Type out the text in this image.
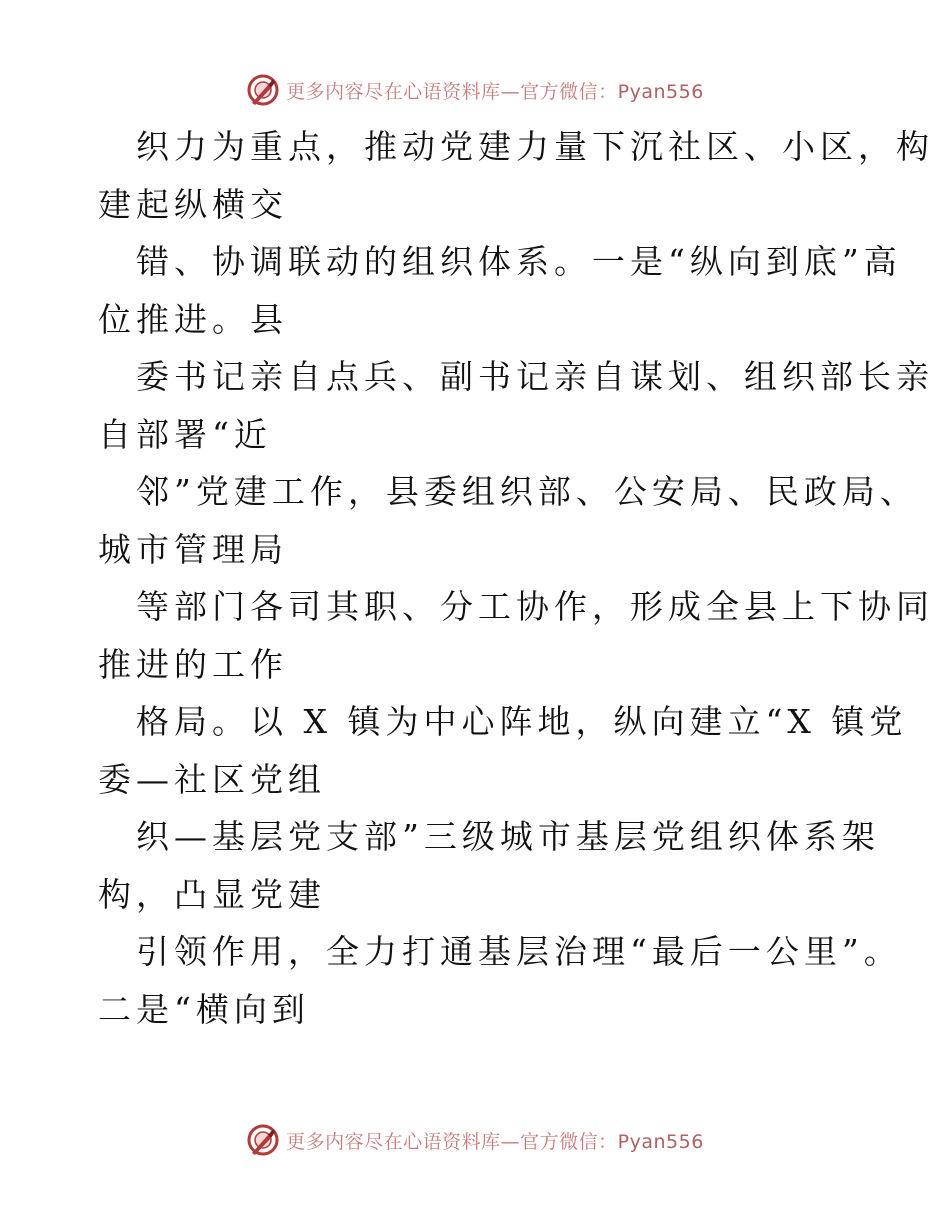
更多内容尽在心语资料库—官方微信：Pyan556
织力为重点，推动党建力量下沉社区、小区，构
建起纵横交
错、协调联动的组织体系。一是“纵向到底”高
位推进。县
委书记亲自点兵、副书记亲自谋划、组织部长亲
自部署“近
邻”党建工作，县委组织部、公安局、民政局、
城市管理局
等部门各司其职、分工协作，形成全县上下协同
推进的工作
格局。以 X 镇为中心阵地，纵向建立“X 镇党
委—社区党组
织—基层党支部”三级城市基层党组织体系架
构，凸显党建
引领作用，全力打通基层治理“最后一公里”。
二是“横向到
更多内容尽在心语资料库—官方微信：Pyan556
